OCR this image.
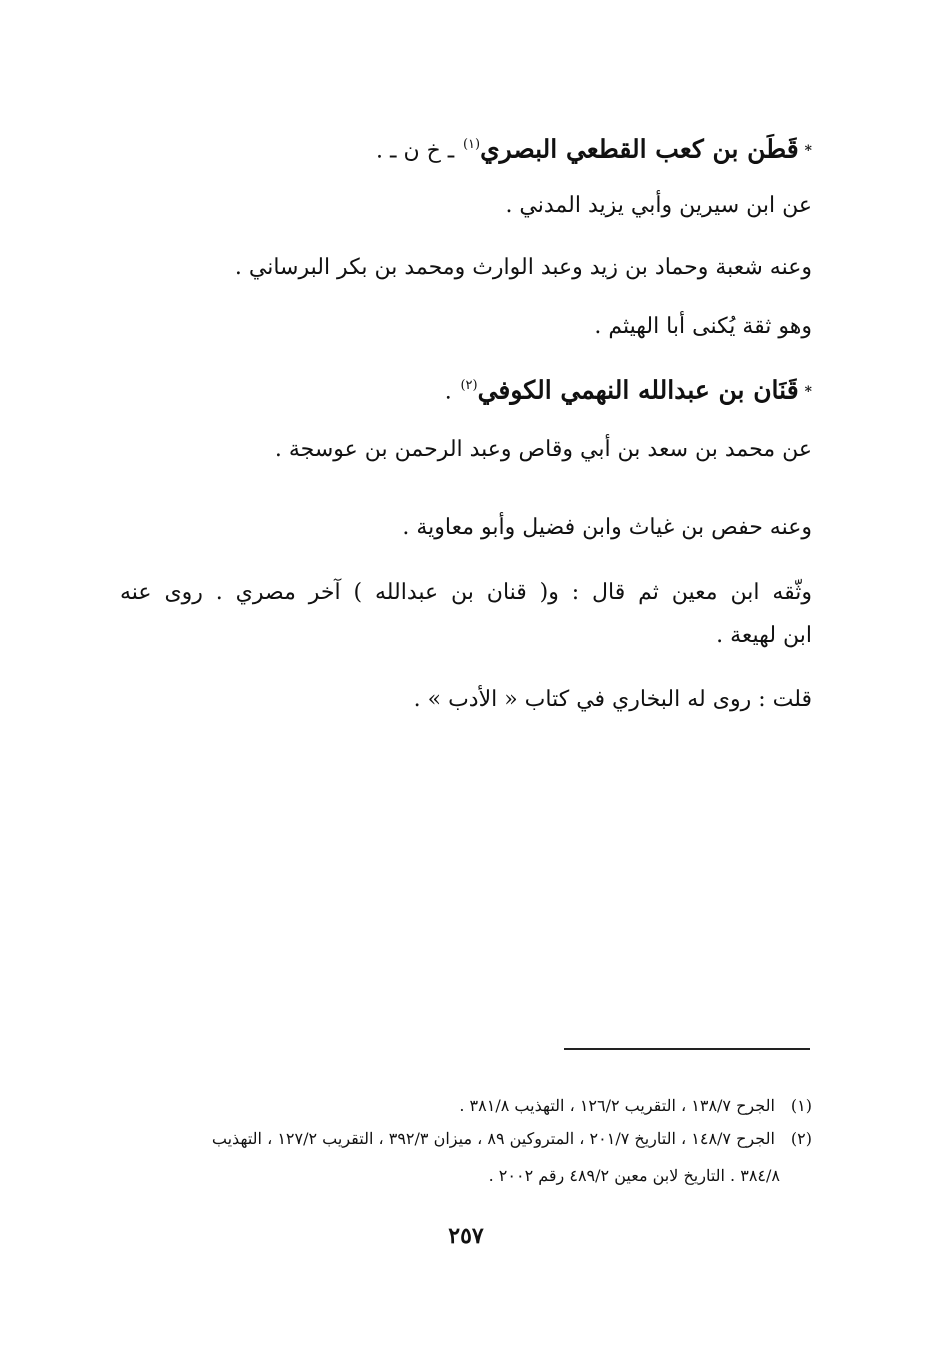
*قَطَن بن كعب القطعي البصري$^{(١)}$ ـ خ ن ـ .
عن ابن سيرين وأبي يزيد المدني .
وعنه شعبة وحماد بن زيد وعبد الوارث ومحمد بن بكر البرساني .
وهو ثقة يُكنى أبا الهيثم .
*قَنَان بن عبدالله النهمي الكوفي$^{(٢)}$ .
عن محمد بن سعد بن أبي وقاص وعبد الرحمن بن عوسجة .
وعنه حفص بن غياث وابن فضيل وأبو معاوية .
وثّقه ابن معين ثم قال : و( قنان بن عبدالله ) آخر مصري . روى عنه
ابن لهيعة .
قلت : روى له البخاري في كتاب « الأدب » .
(١) الجرح ١٣٨/٧ ، التقريب ١٢٦/٢ ، التهذيب ٣٨١/٨ .
(٢) الجرح ١٤٨/٧ ، التاريخ ٢٠١/٧ ، المتروكين ٨٩ ، ميزان ٣٩٢/٣ ، التقريب ١٢٧/٢ ، التهذيب
٣٨٤/٨ . التاريخ لابن معين ٤٨٩/٢ رقم ٢٠٠٢ .
٢٥٧
